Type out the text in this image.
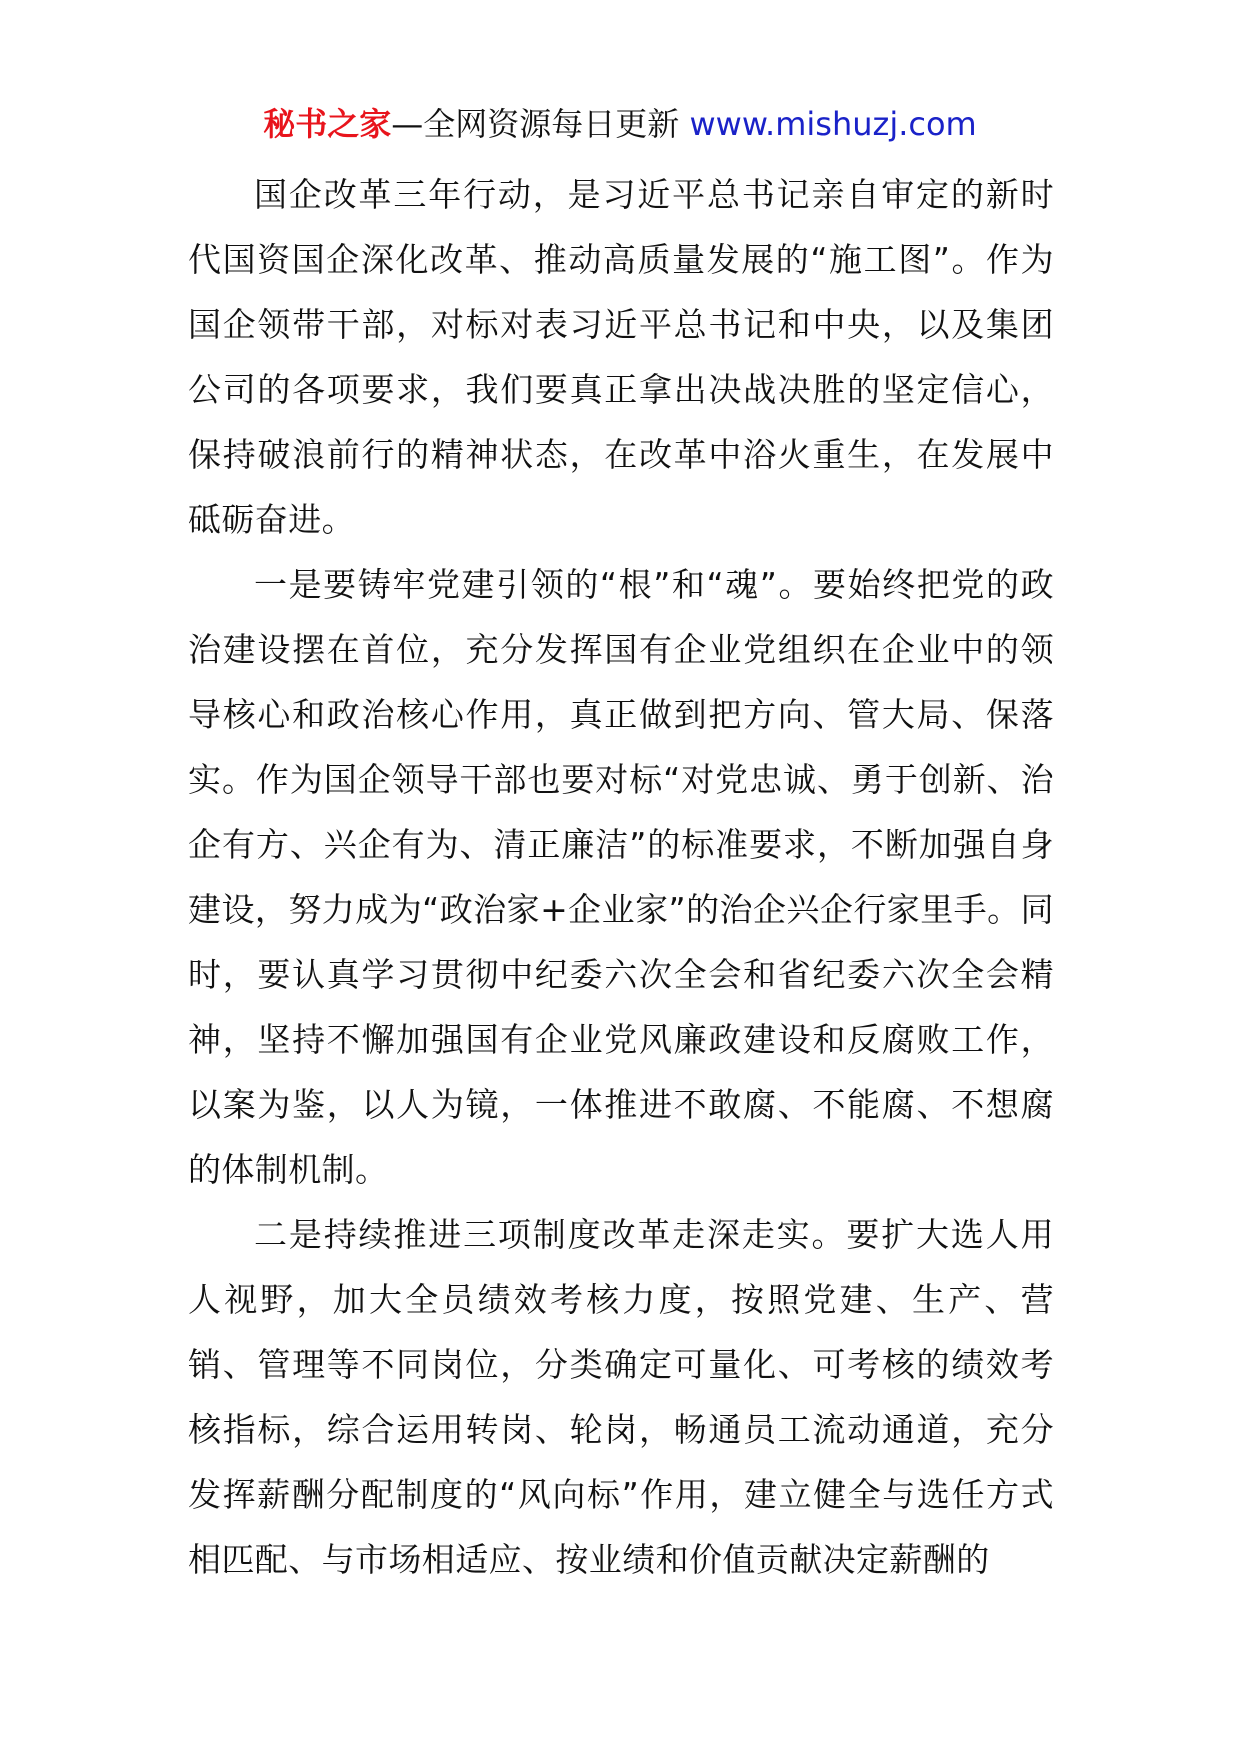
秘书之家—全网资源每日更新 www.mishuzj.com

国企改革三年行动，是习近平总书记亲自审定的新时代国资国企深化改革、推动高质量发展的“施工图”。作为国企领带干部，对标对表习近平总书记和中央，以及集团公司的各项要求，我们要真正拿出决战决胜的坚定信心，保持破浪前行的精神状态，在改革中浴火重生，在发展中砥砺奋进。

一是要铸牢党建引领的“根”和“魂”。要始终把党的政治建设摆在首位，充分发挥国有企业党组织在企业中的领导核心和政治核心作用，真正做到把方向、管大局、保落实。作为国企领导干部也要对标“对党忠诚、勇于创新、治企有方、兴企有为、清正廉洁”的标准要求，不断加强自身建设，努力成为“政治家+企业家”的治企兴企行家里手。同时，要认真学习贯彻中纪委六次全会和省纪委六次全会精神，坚持不懈加强国有企业党风廉政建设和反腐败工作，以案为鉴，以人为镜，一体推进不敢腐、不能腐、不想腐的体制机制。

二是持续推进三项制度改革走深走实。要扩大选人用人视野，加大全员绩效考核力度，按照党建、生产、营销、管理等不同岗位，分类确定可量化、可考核的绩效考核指标，综合运用转岗、轮岗，畅通员工流动通道，充分发挥薪酬分配制度的“风向标”作用，建立健全与选任方式相匹配、与市场相适应、按业绩和价值贡献决定薪酬的
